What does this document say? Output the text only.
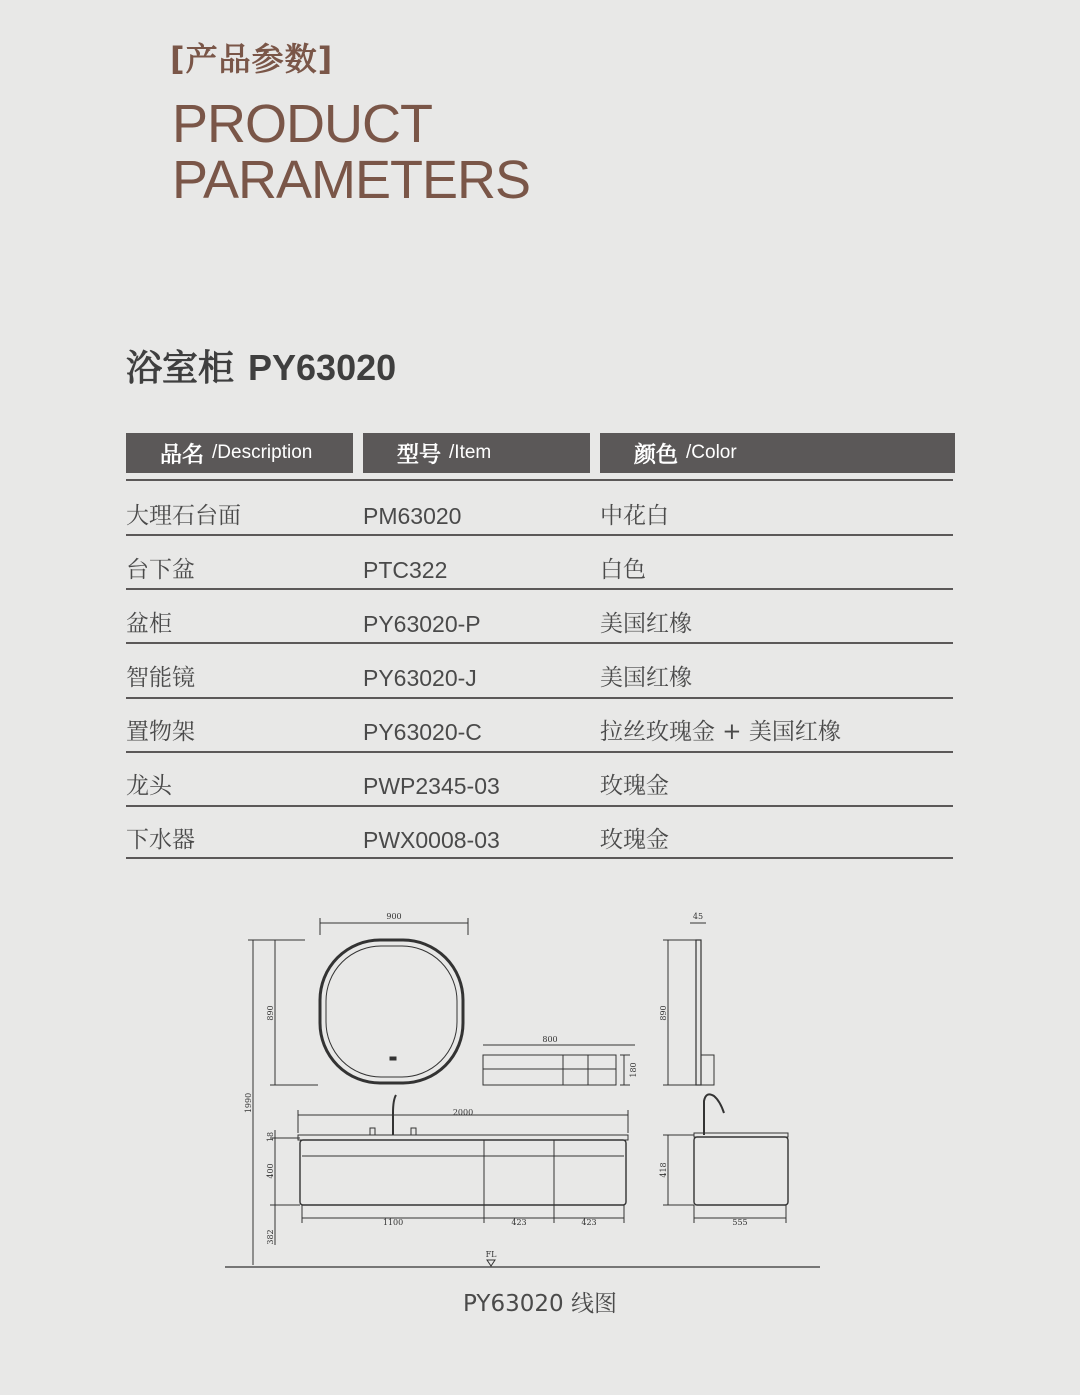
[产品参数]
PRODUCT
PARAMETERS
浴室柜 PY63020
品名 /Description	型号 /Item	颜色 /Color
大理石台面	PM63020	中花白
台下盆	PTC322	白色
盆柜	PY63020-P	美国红橡
智能镜	PY63020-J	美国红橡
置物架	PY63020-C	拉丝玫瑰金 + 美国红橡
龙头	PWP2345-03	玫瑰金
下水器	PWX0008-03	玫瑰金
900
800
2000
1100	423	423
45
555
FL
1990
890
18
400
382
180
890
418
PY63020 线图
